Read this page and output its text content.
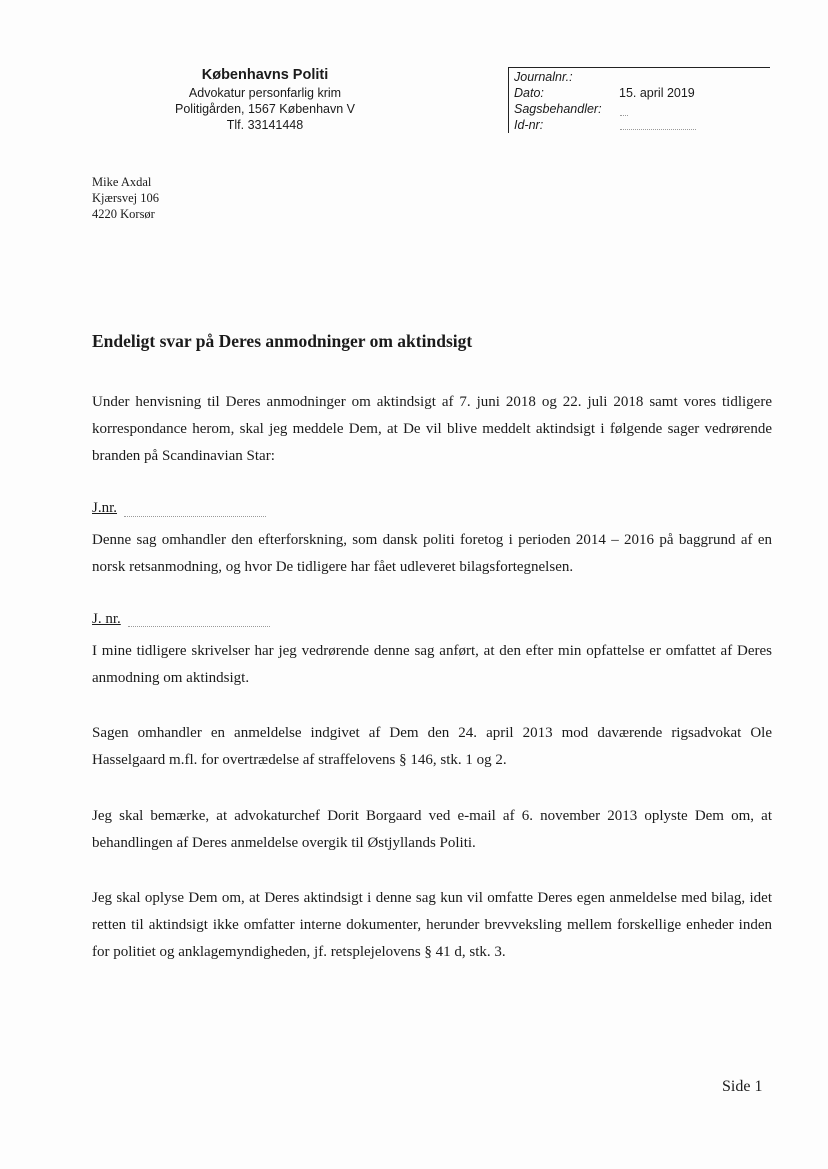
Københavns Politi
Advokatur personfarlig krim
Politigården, 1567 København V
Tlf. 33141448
Journalnr.:
Dato:	15. april 2019
Sagsbehandler:
Id-nr:
Mike Axdal
Kjærsvej 106
4220 Korsør
Endeligt svar på Deres anmodninger om aktindsigt

Under henvisning til Deres anmodninger om aktindsigt af 7. juni 2018 og 22. juli 2018 samt vores tidligere korrespondance herom, skal jeg meddele Dem, at De vil blive meddelt aktindsigt i følgende sager vedrørende branden på Scandinavian Star:

J.nr.

Denne sag omhandler den efterforskning, som dansk politi foretog i perioden 2014 – 2016 på baggrund af en norsk retsanmodning, og hvor De tidligere har fået udleveret bilagsfortegnelsen.

J. nr.

I mine tidligere skrivelser har jeg vedrørende denne sag anført, at den efter min opfattelse er omfattet af Deres anmodning om aktindsigt.

Sagen omhandler en anmeldelse indgivet af Dem den 24. april 2013 mod daværende rigsadvokat Ole Hasselgaard m.fl. for overtrædelse af straffelovens § 146, stk. 1 og 2.

Jeg skal bemærke, at advokaturchef Dorit Borgaard ved e-mail af 6. november 2013 oplyste Dem om, at behandlingen af Deres anmeldelse overgik til Østjyllands Politi.

Jeg skal oplyse Dem om, at Deres aktindsigt i denne sag kun vil omfatte Deres egen anmeldelse med bilag, idet retten til aktindsigt ikke omfatter interne dokumenter, herunder brevveksling mellem forskellige enheder inden for politiet og anklagemyndigheden, jf. retsplejelovens § 41 d, stk. 3.

Side 1
